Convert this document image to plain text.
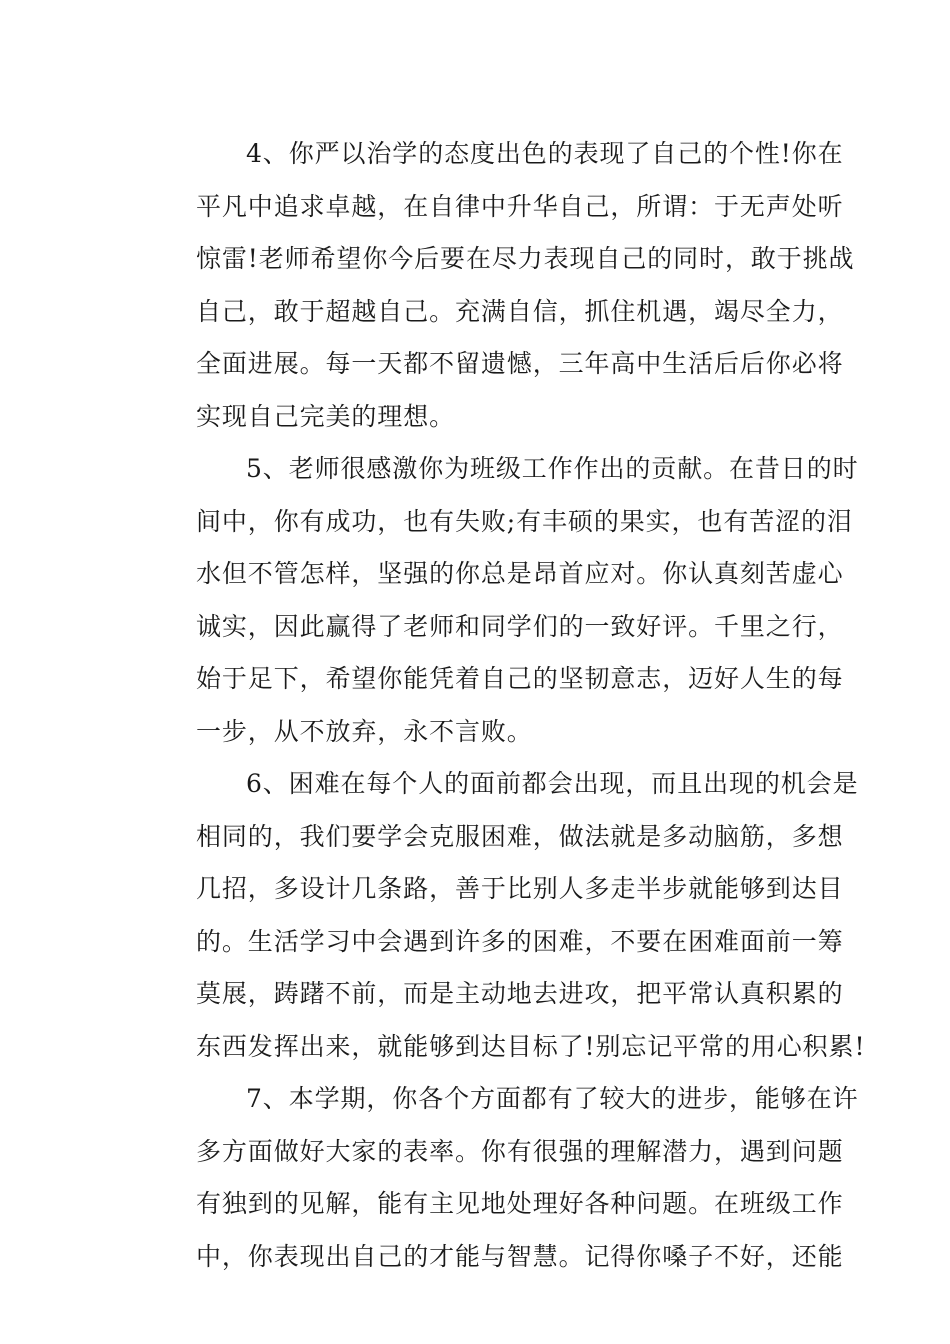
4、你严以治学的态度出色的表现了自己的个性!你在
平凡中追求卓越，在自律中升华自己，所谓：于无声处听
惊雷!老师希望你今后要在尽力表现自己的同时，敢于挑战
自己，敢于超越自己。充满自信，抓住机遇，竭尽全力，
全面进展。每一天都不留遗憾，三年高中生活后后你必将
实现自己完美的理想。
5、老师很感激你为班级工作作出的贡献。在昔日的时
间中，你有成功，也有失败;有丰硕的果实，也有苦涩的泪
水但不管怎样，坚强的你总是昂首应对。你认真刻苦虚心
诚实，因此赢得了老师和同学们的一致好评。千里之行，
始于足下，希望你能凭着自己的坚韧意志，迈好人生的每
一步，从不放弃，永不言败。
6、困难在每个人的面前都会出现，而且出现的机会是
相同的，我们要学会克服困难，做法就是多动脑筋，多想
几招，多设计几条路，善于比别人多走半步就能够到达目
的。生活学习中会遇到许多的困难，不要在困难面前一筹
莫展，踌躇不前，而是主动地去进攻，把平常认真积累的
东西发挥出来，就能够到达目标了!别忘记平常的用心积累!
7、本学期，你各个方面都有了较大的进步，能够在许
多方面做好大家的表率。你有很强的理解潜力，遇到问题
有独到的见解，能有主见地处理好各种问题。在班级工作
中，你表现出自己的才能与智慧。记得你嗓子不好，还能
